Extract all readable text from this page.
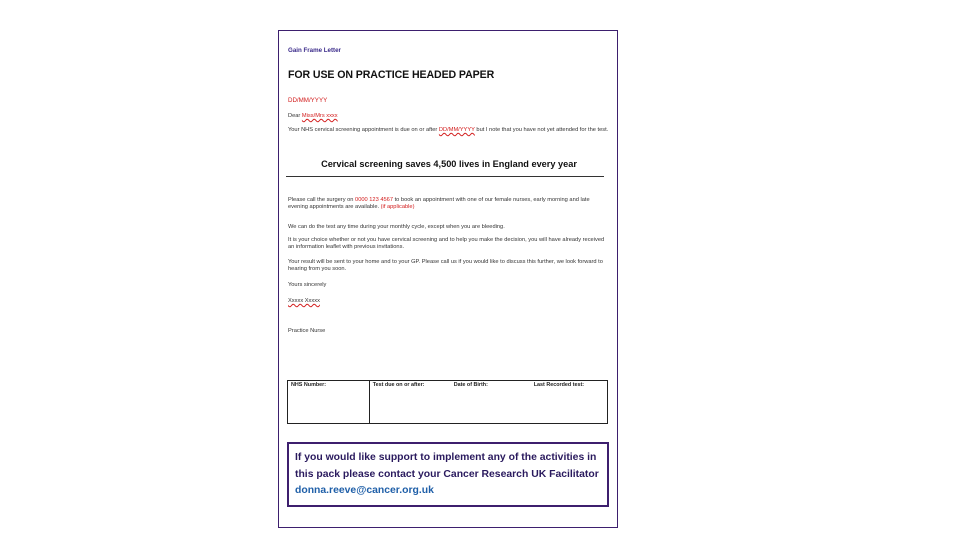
Gain Frame Letter
FOR USE ON PRACTICE HEADED PAPER
DD/MM/YYYY
Dear Miss/Mrs xxxx
Your NHS cervical screening appointment is due on or after DD/MM/YYYY but I note that you have not yet attended for the test.
Cervical screening saves 4,500 lives in England every year
Please call the surgery on 0000 123 4567 to book an appointment with one of our female nurses, early morning and late evening appointments are available. (if applicable)
We can do the test any time during your monthly cycle, except when you are bleeding.
It is your choice whether or not you have cervical screening and to help you make the decision, you will have already received an information leaflet with previous invitations.
Your result will be sent to your home and to your GP. Please call us if you would like to discuss this further, we look forward to hearing from you soon.
Yours sincerely
Xxxxx Xxxxx
Practice Nurse
NHS Number:	Test due on or after:	Date of Birth:	Last Recorded test:
If you would like support to implement any of the activities in this pack please contact your Cancer Research UK Facilitator donna.reeve@cancer.org.uk
